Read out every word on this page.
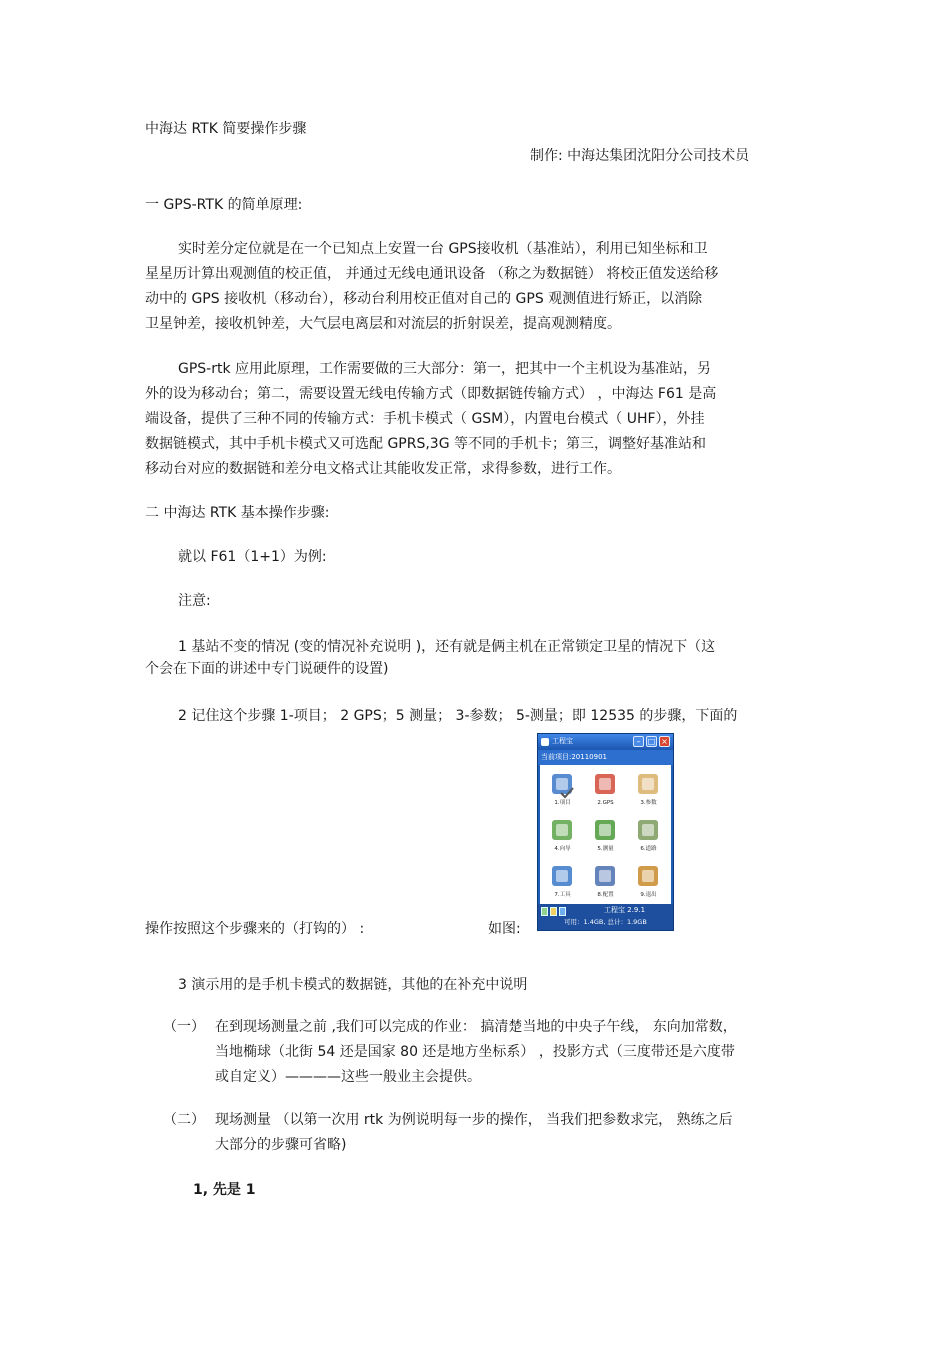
中海达 RTK 简要操作步骤
制作: 中海达集团沈阳分公司技术员
一 GPS-RTK 的简单原理:
实时差分定位就是在一个已知点上安置一台 GPS接收机（基准站），利用已知坐标和卫
星星历计算出观测值的校正值， 并通过无线电通讯设备 （称之为数据链） 将校正值发送给移
动中的 GPS 接收机（移动台），移动台利用校正值对自己的 GPS 观测值进行矫正，以消除
卫星钟差，接收机钟差，大气层电离层和对流层的折射误差，提高观测精度。
GPS-rtk 应用此原理，工作需要做的三大部分：第一，把其中一个主机设为基准站，另
外的设为移动台；第二，需要设置无线电传输方式（即数据链传输方式） ，中海达 F61 是高
端设备，提供了三种不同的传输方式：手机卡模式（ GSM），内置电台模式（ UHF），外挂
数据链模式，其中手机卡模式又可选配 GPRS,3G 等不同的手机卡；第三，调整好基准站和
移动台对应的数据链和差分电文格式让其能收发正常，求得参数，进行工作。
二 中海达 RTK 基本操作步骤:
就以 F61（1+1）为例:
注意:
1 基站不变的情况 (变的情况补充说明 )，还有就是俩主机在正常锁定卫星的情况下（这
个会在下面的讲述中专门说硬件的设置)
2 记住这个步骤 1-项目； 2 GPS；5 测量； 3-参数； 5-测量；即 12535 的步骤，下面的
操作按照这个步骤来的（打钩的） :	如图:
3 演示用的是手机卡模式的数据链，其他的在补充中说明
（一） 在到现场测量之前 ,我们可以完成的作业： 搞清楚当地的中央子午线， 东向加常数，
当地椭球（北街 54 还是国家 80 还是地方坐标系） ，投影方式（三度带还是六度带
或自定义）————这些一般业主会提供。
（二） 现场测量 （以第一次用 rtk 为例说明每一步的操作， 当我们把参数求完， 熟练之后
大部分的步骤可省略)
1, 先是 1
工程宝	– □ ×
当前项目:20110901
1.项目	2.GPS	3.参数
4.向导	5.测量	6.道路
7.工具	8.配置	9.退出
工程宝 2.9.1
可用：1.4GB, 总计：1.9GB
